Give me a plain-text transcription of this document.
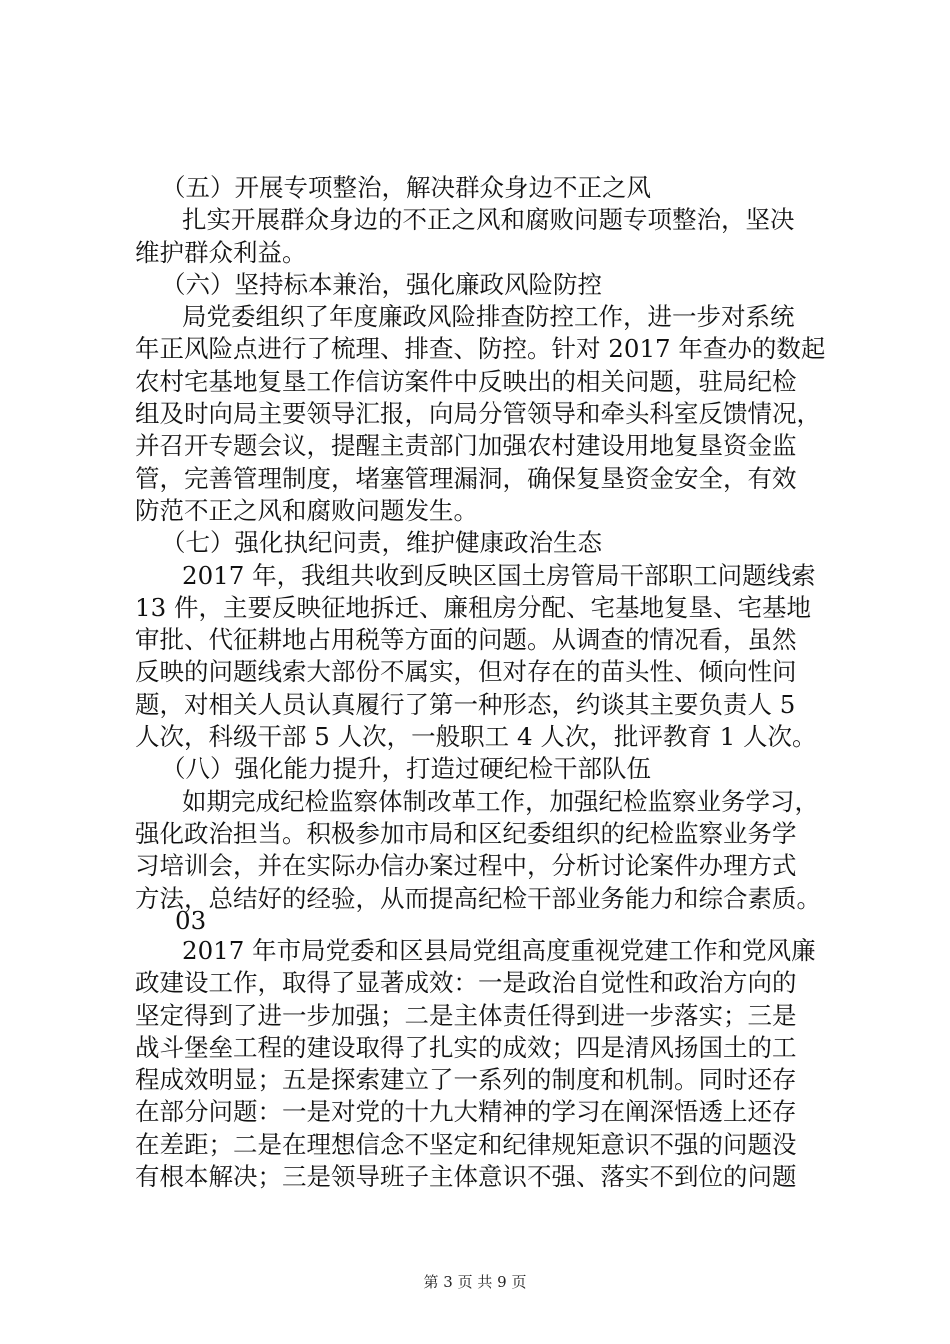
（五）开展专项整治，解决群众身边不正之风
扎实开展群众身边的不正之风和腐败问题专项整治，坚决
维护群众利益。
（六）坚持标本兼治，强化廉政风险防控
局党委组织了年度廉政风险排查防控工作，进一步对系统
年正风险点进行了梳理、排查、防控。针对 2017 年查办的数起
农村宅基地复垦工作信访案件中反映出的相关问题，驻局纪检
组及时向局主要领导汇报，向局分管领导和牵头科室反馈情况，
并召开专题会议，提醒主责部门加强农村建设用地复垦资金监
管，完善管理制度，堵塞管理漏洞，确保复垦资金安全，有效
防范不正之风和腐败问题发生。
（七）强化执纪问责，维护健康政治生态
2017 年，我组共收到反映区国土房管局干部职工问题线索
13 件，主要反映征地拆迁、廉租房分配、宅基地复垦、宅基地
审批、代征耕地占用税等方面的问题。从调查的情况看，虽然
反映的问题线索大部份不属实，但对存在的苗头性、倾向性问
题，对相关人员认真履行了第一种形态，约谈其主要负责人 5
人次，科级干部 5 人次，一般职工 4 人次，批评教育 1 人次。
（八）强化能力提升，打造过硬纪检干部队伍
如期完成纪检监察体制改革工作，加强纪检监察业务学习，
强化政治担当。积极参加市局和区纪委组织的纪检监察业务学
习培训会，并在实际办信办案过程中，分析讨论案件办理方式
方法，总结好的经验，从而提高纪检干部业务能力和综合素质。
03
2017 年市局党委和区县局党组高度重视党建工作和党风廉
政建设工作，取得了显著成效：一是政治自觉性和政治方向的
坚定得到了进一步加强；二是主体责任得到进一步落实；三是
战斗堡垒工程的建设取得了扎实的成效；四是清风扬国土的工
程成效明显；五是探索建立了一系列的制度和机制。同时还存
在部分问题：一是对党的十九大精神的学习在阐深悟透上还存
在差距；二是在理想信念不坚定和纪律规矩意识不强的问题没
有根本解决；三是领导班子主体意识不强、落实不到位的问题
第 3 页 共 9 页
